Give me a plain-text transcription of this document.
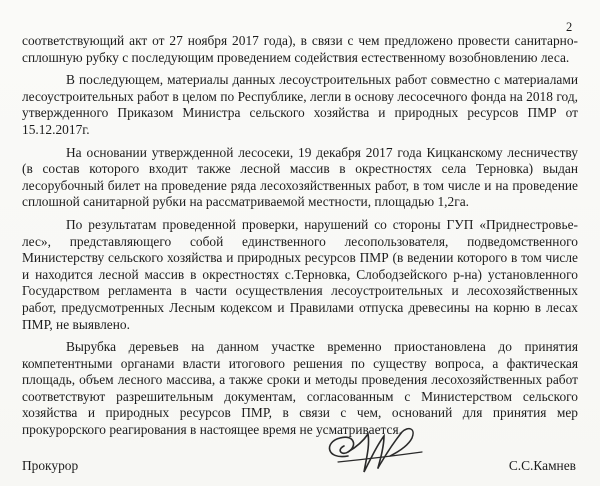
2

соответствующий акт от 27 ноября 2017 года), в связи с чем предложено провести санитарно-сплошную рубку с последующим проведением содействия естественному возобновлению леса.

В последующем, материалы данных лесоустроительных работ совместно с материалами лесоустроительных работ в целом по Республике, легли в основу лесосечного фонда на 2018 год, утвержденного Приказом Министра сельского хозяйства и природных ресурсов ПМР от 15.12.2017г.

На основании утвержденной лесосеки, 19 декабря 2017 года Кицканскому лесничеству (в состав которого входит также лесной массив в окрестностях села Терновка) выдан лесорубочный билет на проведение ряда лесохозяйственных работ, в том числе и на проведение сплошной санитарной рубки на рассматриваемой местности, площадью 1,2га.

По результатам проведенной проверки, нарушений со стороны ГУП «Приднестровье-лес», представляющего собой единственного лесопользователя, подведомственного Министерству сельского хозяйства и природных ресурсов ПМР (в ведении которого в том числе и находится лесной массив в окрестностях с.Терновка, Слободзейского р-на) установленного Государством регламента в части осуществления лесоустроительных и лесохозяйственных работ, предусмотренных Лесным кодексом и Правилами отпуска древесины на корню в лесах ПМР, не выявлено.

Вырубка деревьев на данном участке временно приостановлена до принятия компетентными органами власти итогового решения по существу вопроса, а фактическая площадь, объем лесного массива, а также сроки и методы проведения лесохозяйственных работ соответствуют разрешительным документам, согласованным с Министерством сельского хозяйства и природных ресурсов ПМР, в связи с чем, оснований для принятия мер прокурорского реагирования в настоящее время не усматривается.

Прокурор	С.С.Камнев
